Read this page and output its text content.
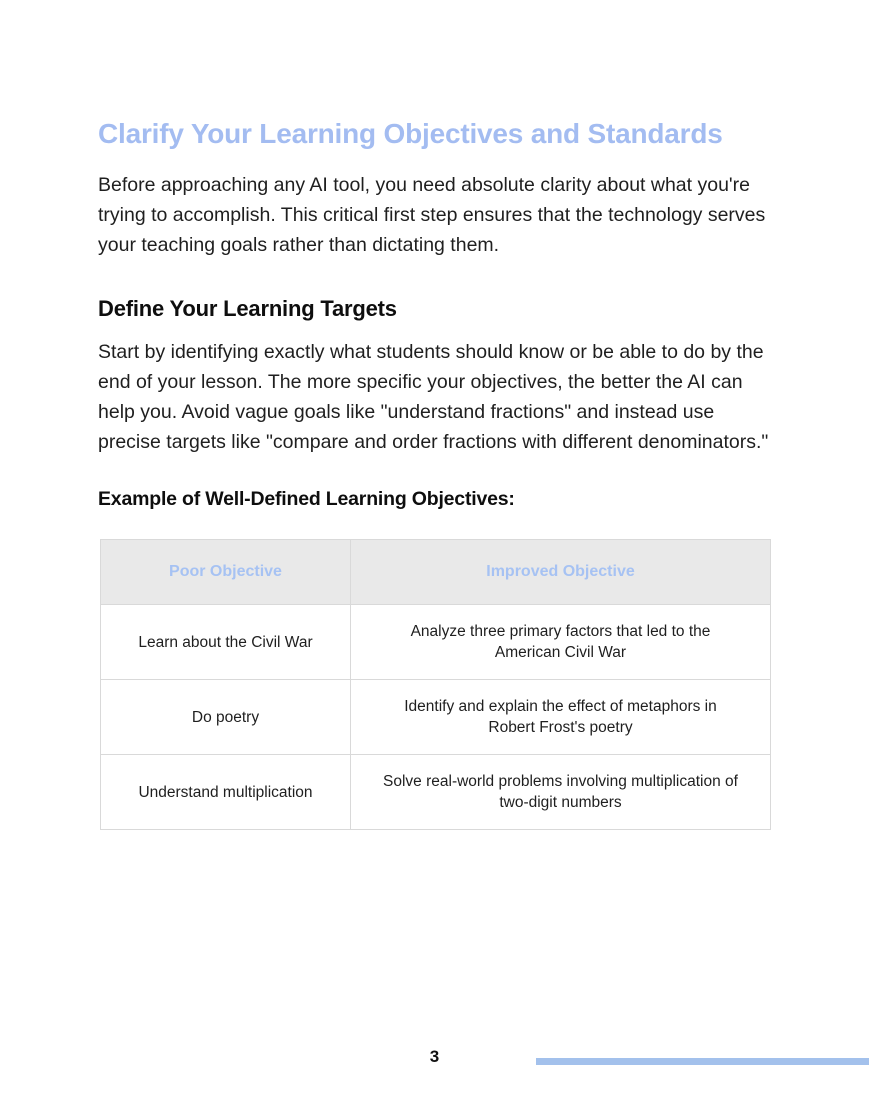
Clarify Your Learning Objectives and Standards

Before approaching any AI tool, you need absolute clarity about what you're trying to accomplish. This critical first step ensures that the technology serves your teaching goals rather than dictating them.

Define Your Learning Targets

Start by identifying exactly what students should know or be able to do by the end of your lesson. The more specific your objectives, the better the AI can help you. Avoid vague goals like "understand fractions" and instead use precise targets like "compare and order fractions with different denominators."

Example of Well-Defined Learning Objectives:
Poor Objective	Improved Objective
Learn about the Civil War	Analyze three primary factors that led to the American Civil War
Do poetry	Identify and explain the effect of metaphors in Robert Frost's poetry
Understand multiplication	Solve real-world problems involving multiplication of two-digit numbers
3
